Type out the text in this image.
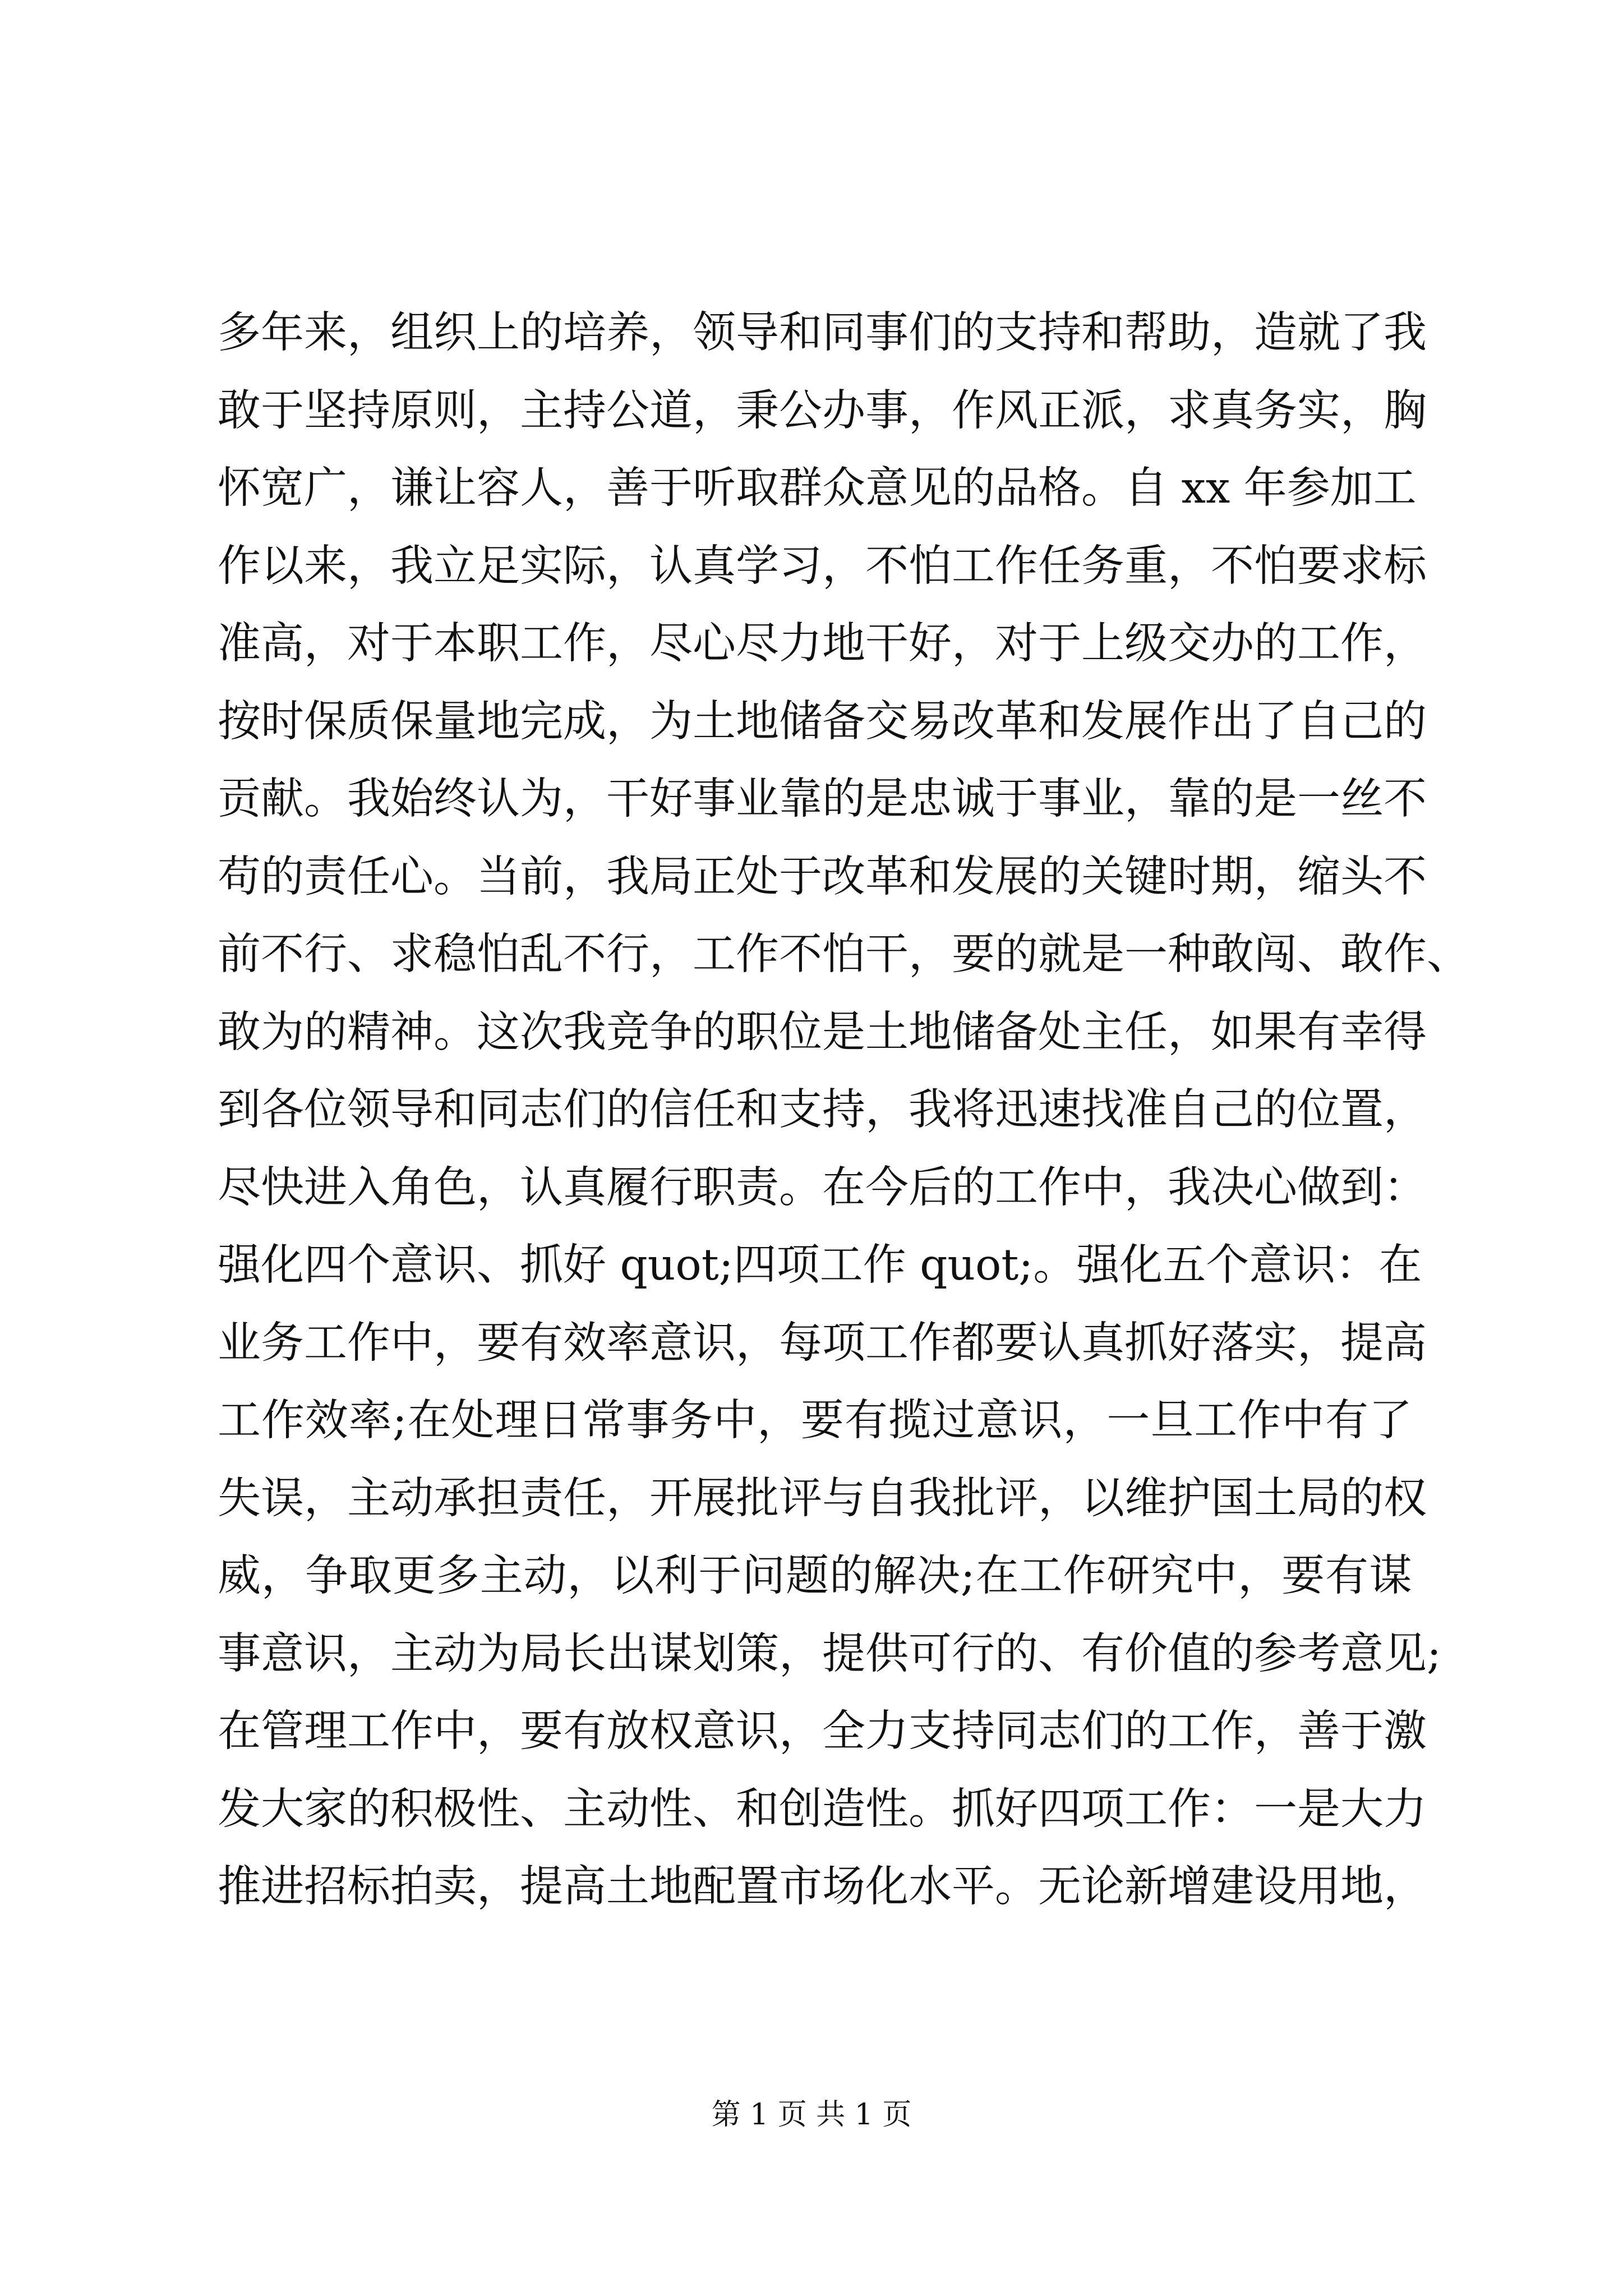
多年来，组织上的培养，领导和同事们的支持和帮助，造就了我
敢于坚持原则，主持公道，秉公办事，作风正派，求真务实，胸
怀宽广，谦让容人，善于听取群众意见的品格。自 xx 年参加工
作以来，我立足实际，认真学习，不怕工作任务重，不怕要求标
准高，对于本职工作，尽心尽力地干好，对于上级交办的工作，
按时保质保量地完成，为土地储备交易改革和发展作出了自己的
贡献。我始终认为，干好事业靠的是忠诚于事业，靠的是一丝不
苟的责任心。当前，我局正处于改革和发展的关键时期，缩头不
前不行、求稳怕乱不行，工作不怕干，要的就是一种敢闯、敢作、
敢为的精神。这次我竞争的职位是土地储备处主任，如果有幸得
到各位领导和同志们的信任和支持，我将迅速找准自己的位置，
尽快进入角色，认真履行职责。在今后的工作中，我决心做到：
强化四个意识、抓好 quot;四项工作 quot;。强化五个意识：在
业务工作中，要有效率意识，每项工作都要认真抓好落实，提高
工作效率;在处理日常事务中，要有揽过意识，一旦工作中有了
失误，主动承担责任，开展批评与自我批评，以维护国土局的权
威，争取更多主动，以利于问题的解决;在工作研究中，要有谋
事意识，主动为局长出谋划策，提供可行的、有价值的参考意见;
在管理工作中，要有放权意识，全力支持同志们的工作，善于激
发大家的积极性、主动性、和创造性。抓好四项工作：一是大力
推进招标拍卖，提高土地配置市场化水平。无论新增建设用地，
第 1 页 共 1 页
